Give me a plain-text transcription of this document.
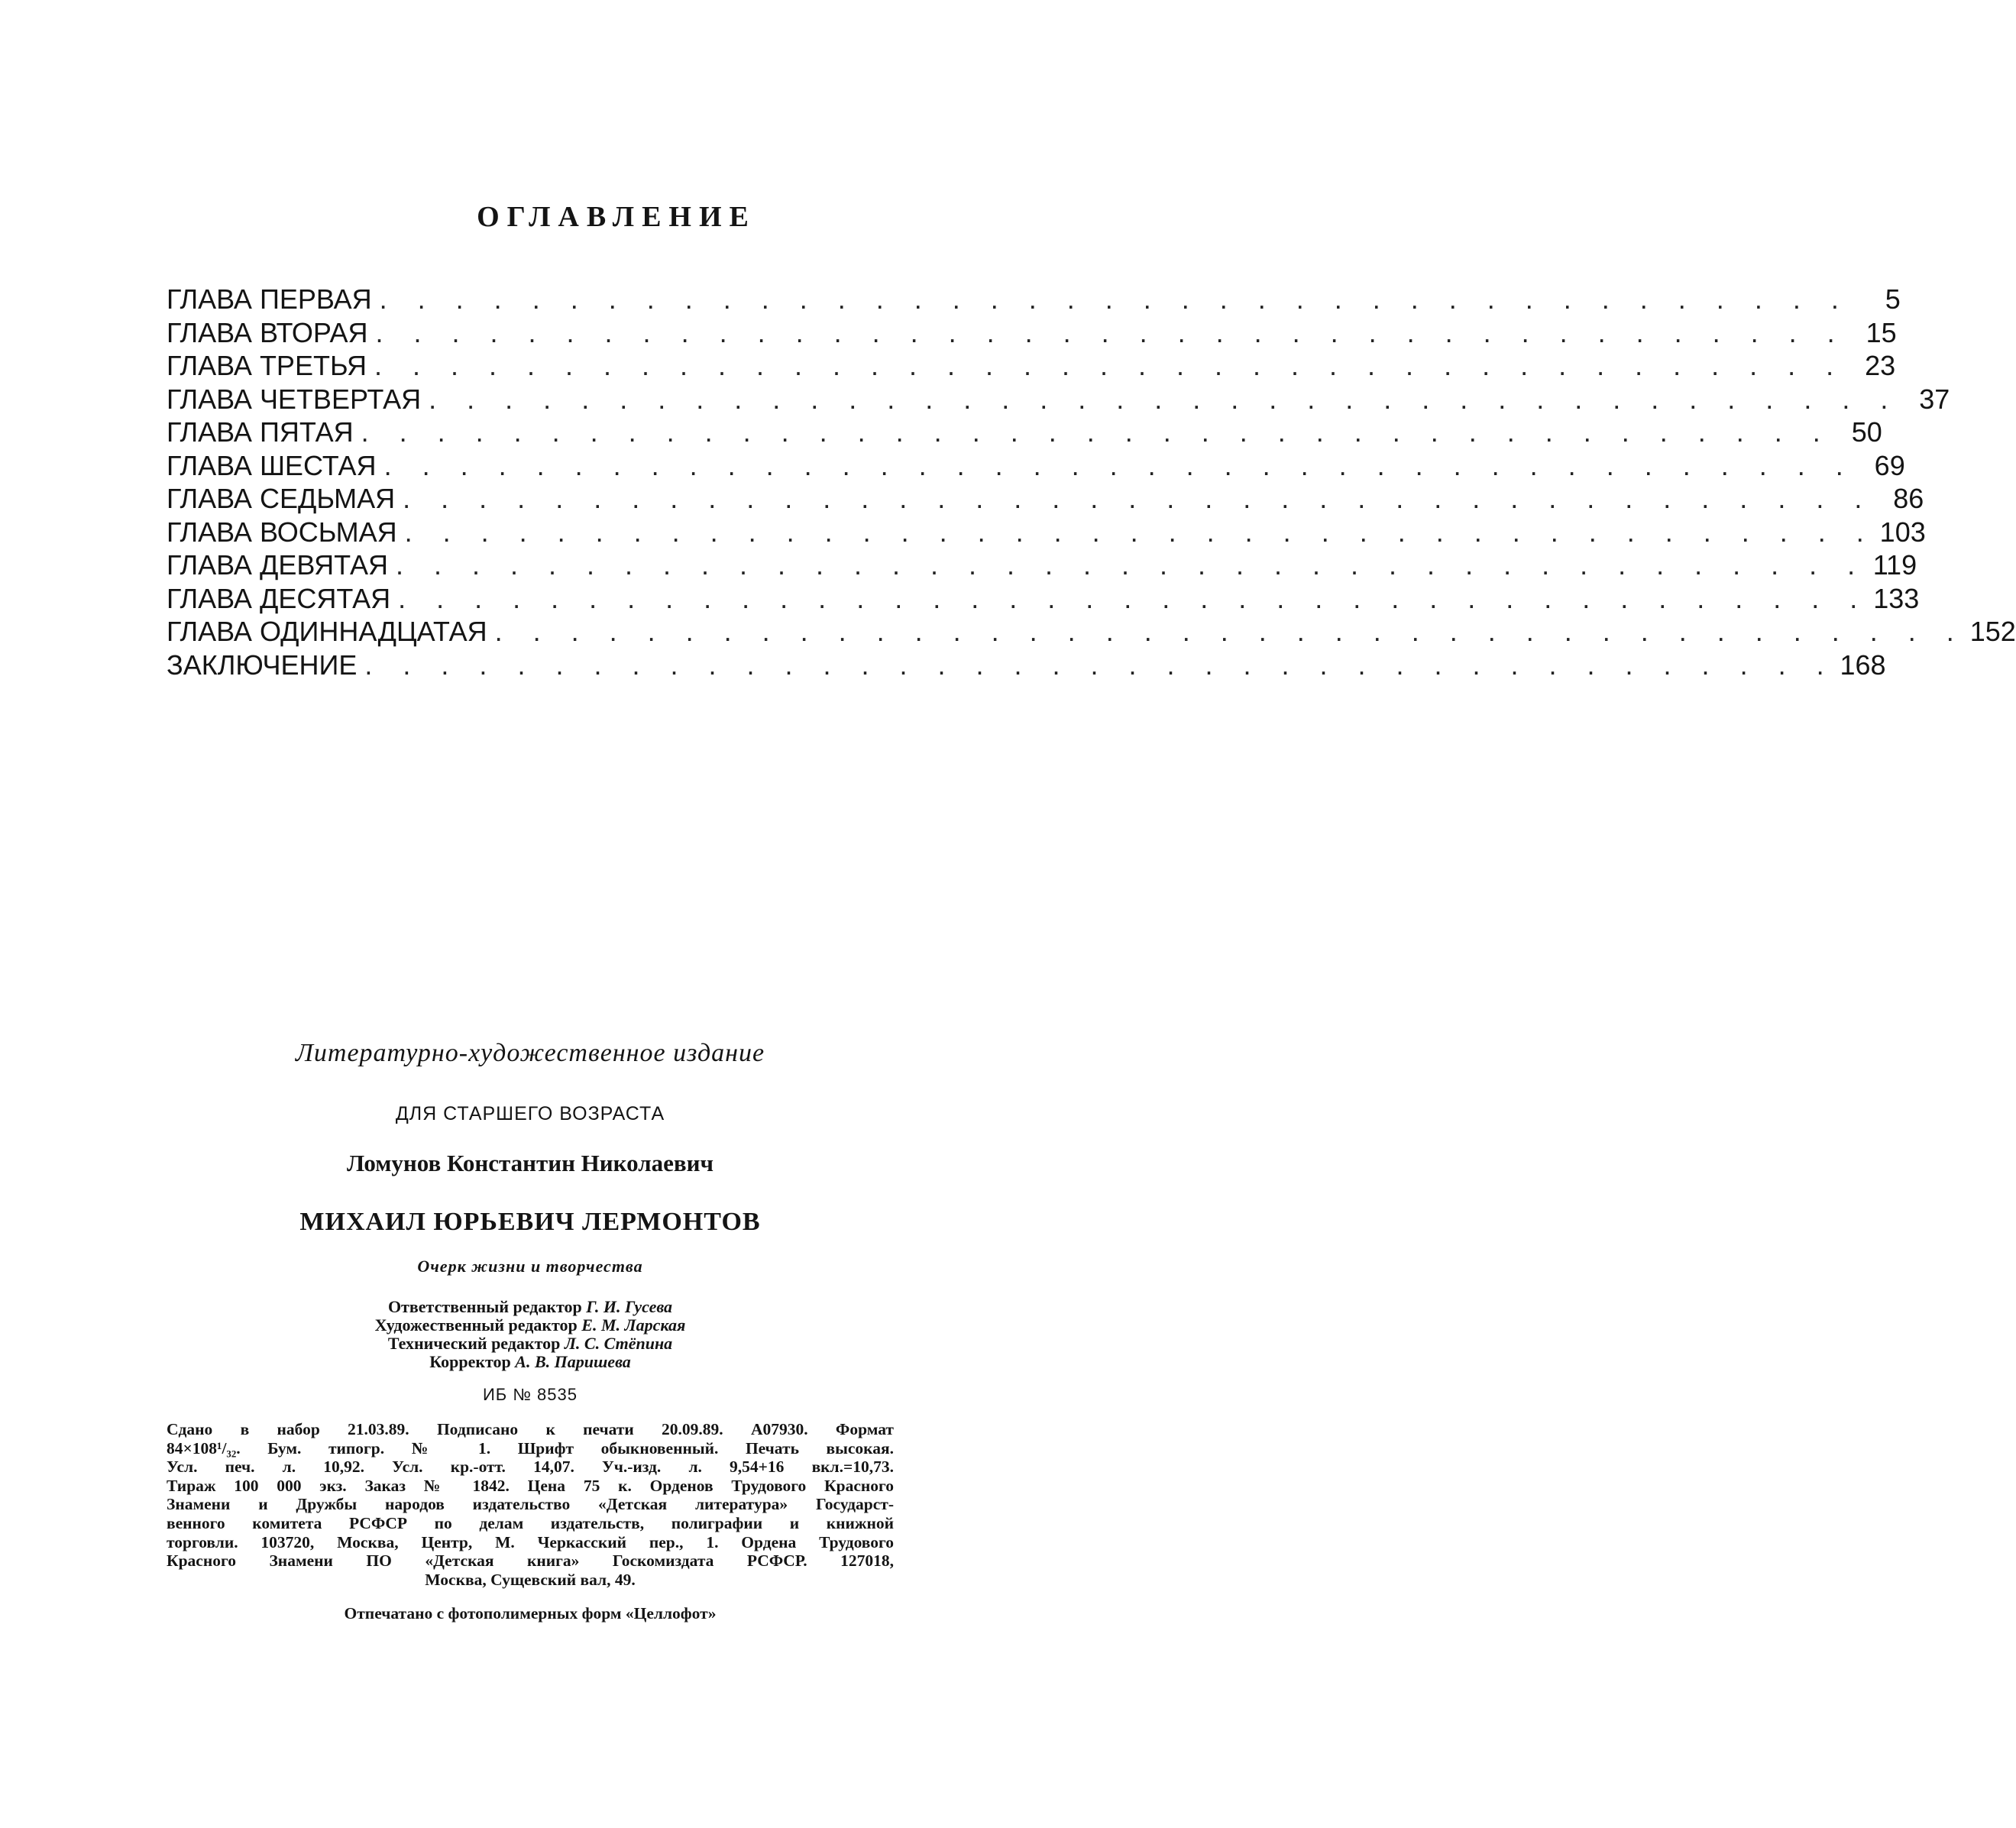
ОГЛАВЛЕНИЕ
ГЛАВА ПЕРВАЯ . . . . . . . . . . . . . . . . . . . . . . . . . . . . . . . . . . . . . . .	5
ГЛАВА ВТОРАЯ . . . . . . . . . . . . . . . . . . . . . . . . . . . . . . . . . . . . . . . 15
ГЛАВА ТРЕТЬЯ . . . . . . . . . . . . . . . . . . . . . . . . . . . . . . . . . . . . . . . 23
ГЛАВА ЧЕТВЕРТАЯ . . . . . . . . . . . . . . . . . . . . . . . . . . . . . . . . . . . . . . . 37
ГЛАВА ПЯТАЯ . . . . . . . . . . . . . . . . . . . . . . . . . . . . . . . . . . . . . . . 50
ГЛАВА ШЕСТАЯ . . . . . . . . . . . . . . . . . . . . . . . . . . . . . . . . . . . . . . . 69
ГЛАВА СЕДЬМАЯ . . . . . . . . . . . . . . . . . . . . . . . . . . . . . . . . . . . . . . . 86
ГЛАВА ВОСЬМАЯ . . . . . . . . . . . . . . . . . . . . . . . . . . . . . . . . . . . . . . . 103
ГЛАВА ДЕВЯТАЯ . . . . . . . . . . . . . . . . . . . . . . . . . . . . . . . . . . . . . . . 119
ГЛАВА ДЕСЯТАЯ . . . . . . . . . . . . . . . . . . . . . . . . . . . . . . . . . . . . . . . 133
ГЛАВА ОДИННАДЦАТАЯ . . . . . . . . . . . . . . . . . . . . . . . . . . . . . . . . . . . . . . . 152
ЗАКЛЮЧЕНИЕ . . . . . . . . . . . . . . . . . . . . . . . . . . . . . . . . . . . . . . . 168
Литературно-художественное издание
ДЛЯ СТАРШЕГО ВОЗРАСТА
Ломунов Константин Николаевич
МИХАИЛ ЮРЬЕВИЧ ЛЕРМОНТОВ
Очерк жизни и творчества
Ответственный редактор Г. И. Гусева
Художественный редактор Е. М. Ларская
Технический редактор Л. С. Стёпина
Корректор А. В. Паришева
ИБ № 8535
Сдано в набор 21.03.89. Подписано к печати 20.09.89. А07930. Формат
84×108¹/₃₂. Бум. типогр. № 1. Шрифт обыкновенный. Печать высокая.
Усл. печ. л. 10,92. Усл. кр.-отт. 14,07. Уч.-изд. л. 9,54+16 вкл.=10,73.
Тираж 100 000 экз. Заказ № 1842. Цена 75 к. Орденов Трудового Красного
Знамени и Дружбы народов издательство «Детская литература» Государст-
венного комитета РСФСР по делам издательств, полиграфии и книжной
торговли. 103720, Москва, Центр, М. Черкасский пер., 1. Ордена Трудового
Красного Знамени ПО «Детская книга» Госкомиздата РСФСР. 127018,
Москва, Сущевский вал, 49.
Отпечатано с фотополимерных форм «Целлофот»
